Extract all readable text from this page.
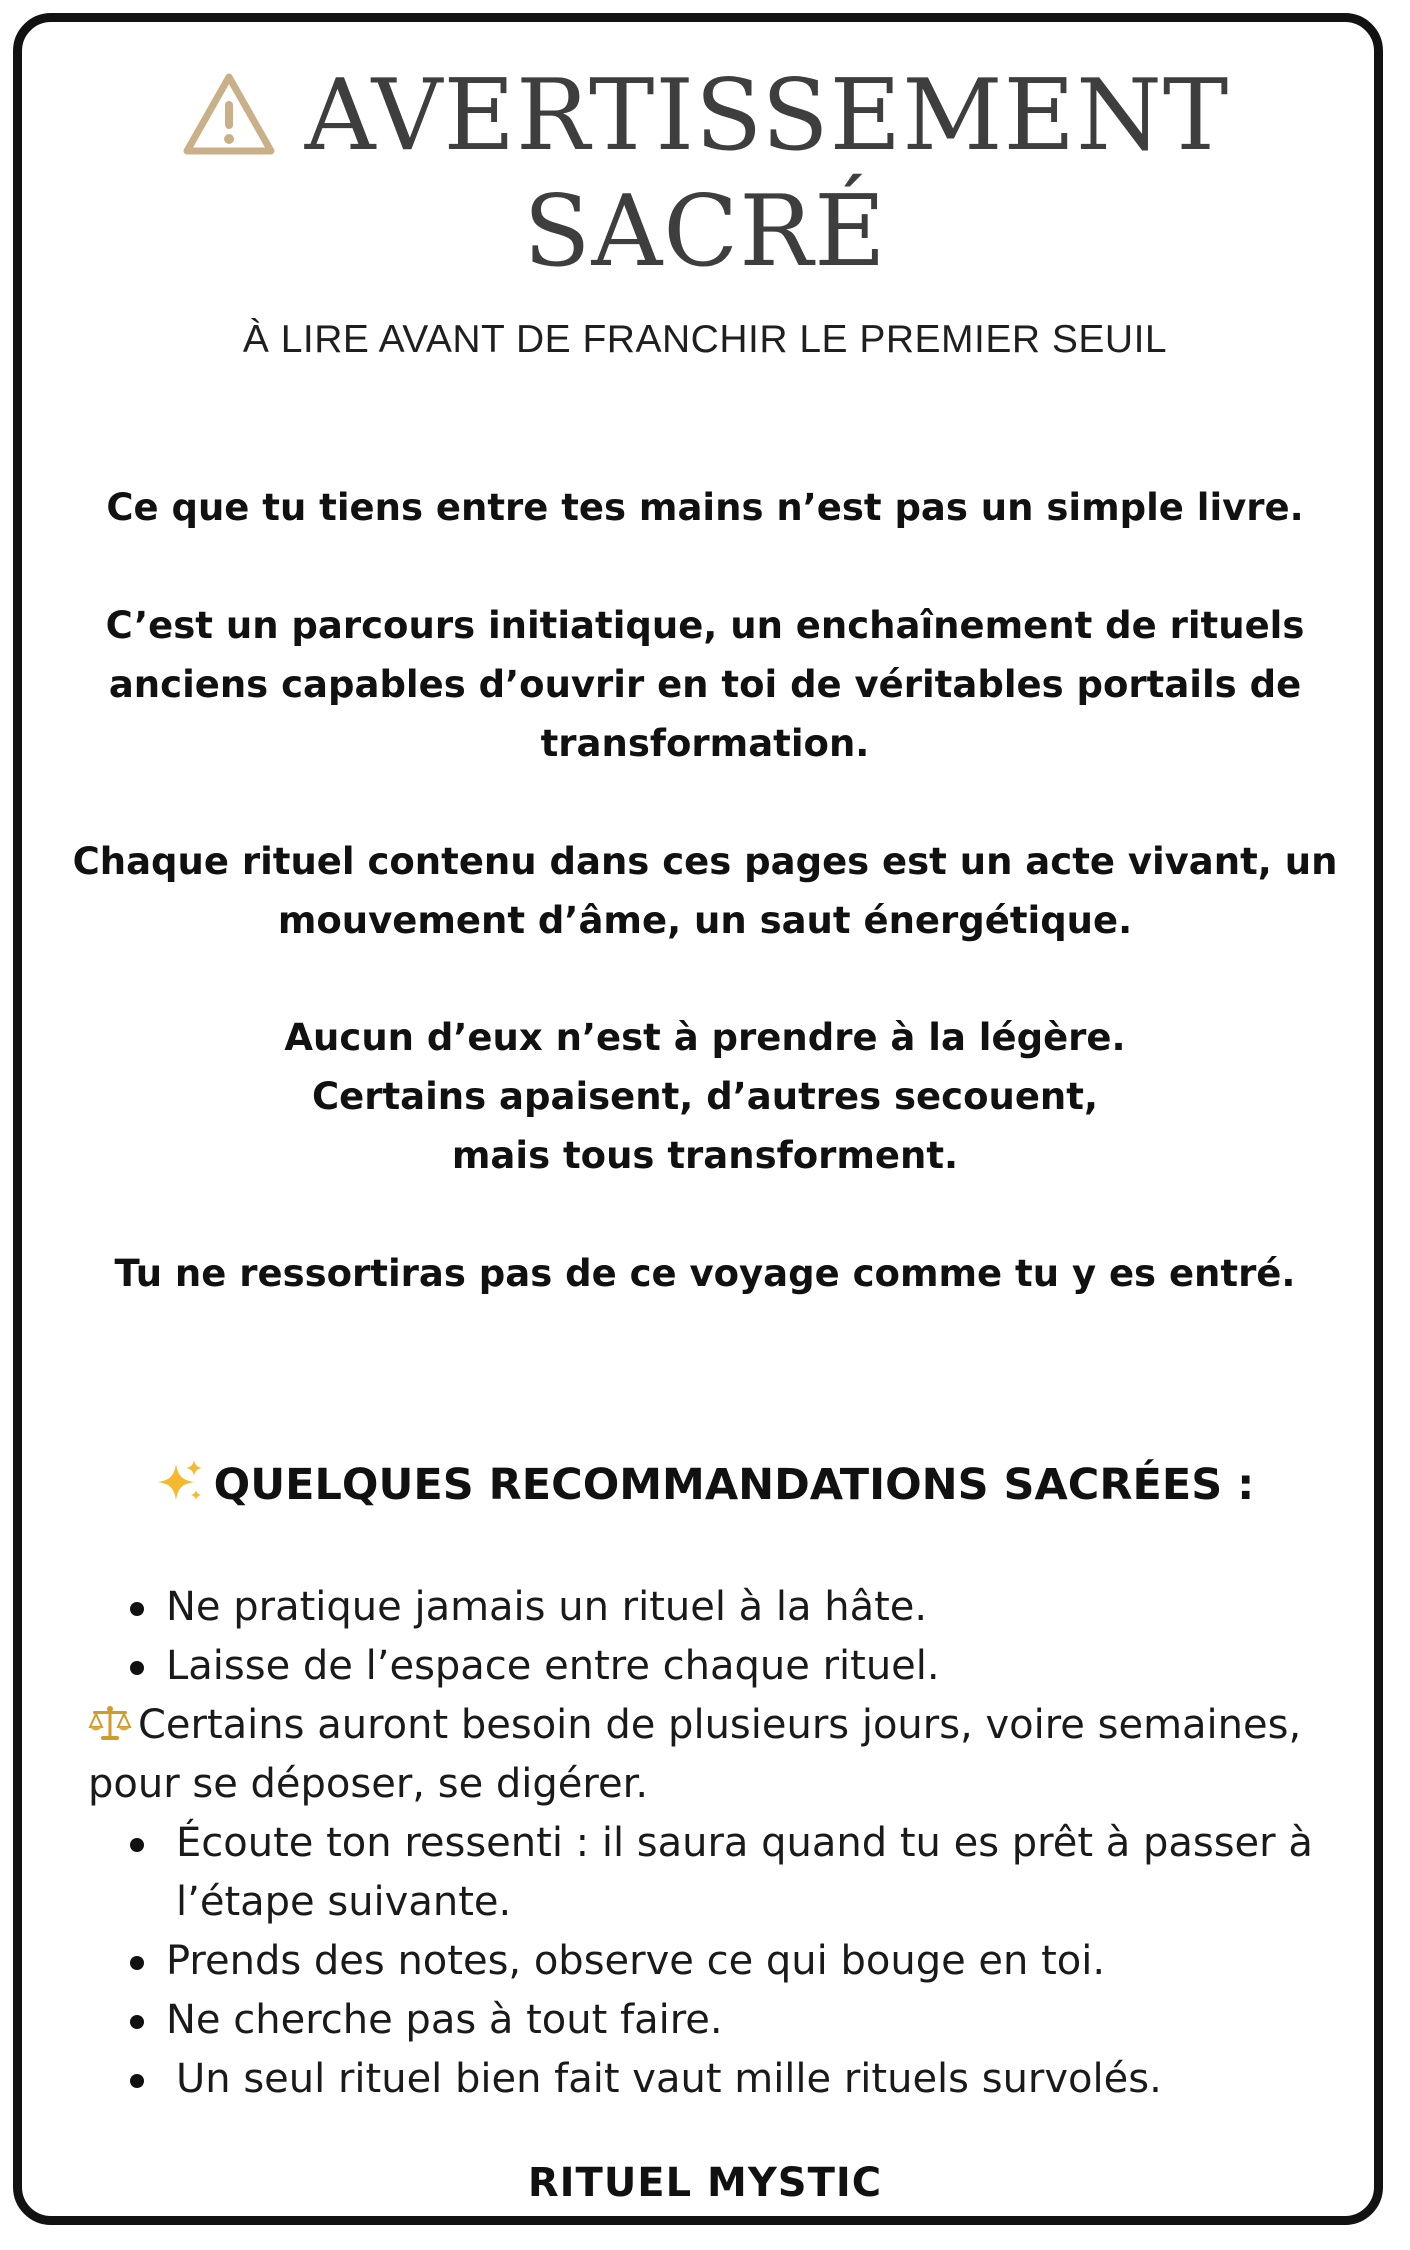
AVERTISSEMENT
SACRÉ
À LIRE AVANT DE FRANCHIR LE PREMIER SEUIL
Ce que tu tiens entre tes mains n’est pas un simple livre.
C’est un parcours initiatique, un enchaînement de rituels
anciens capables d’ouvrir en toi de véritables portails de
transformation.
Chaque rituel contenu dans ces pages est un acte vivant, un
mouvement d’âme, un saut énergétique.
Aucun d’eux n’est à prendre à la légère.
Certains apaisent, d’autres secouent,
mais tous transforment.
Tu ne ressortiras pas de ce voyage comme tu y es entré.
QUELQUES RECOMMANDATIONS SACRÉES :
Ne pratique jamais un rituel à la hâte.
Laisse de l’espace entre chaque rituel.
Certains auront besoin de plusieurs jours, voire semaines,
pour se déposer, se digérer.
Écoute ton ressenti : il saura quand tu es prêt à passer à l’étape suivante.
Prends des notes, observe ce qui bouge en toi.
Ne cherche pas à tout faire.
Un seul rituel bien fait vaut mille rituels survolés.
RITUEL MYSTIC
